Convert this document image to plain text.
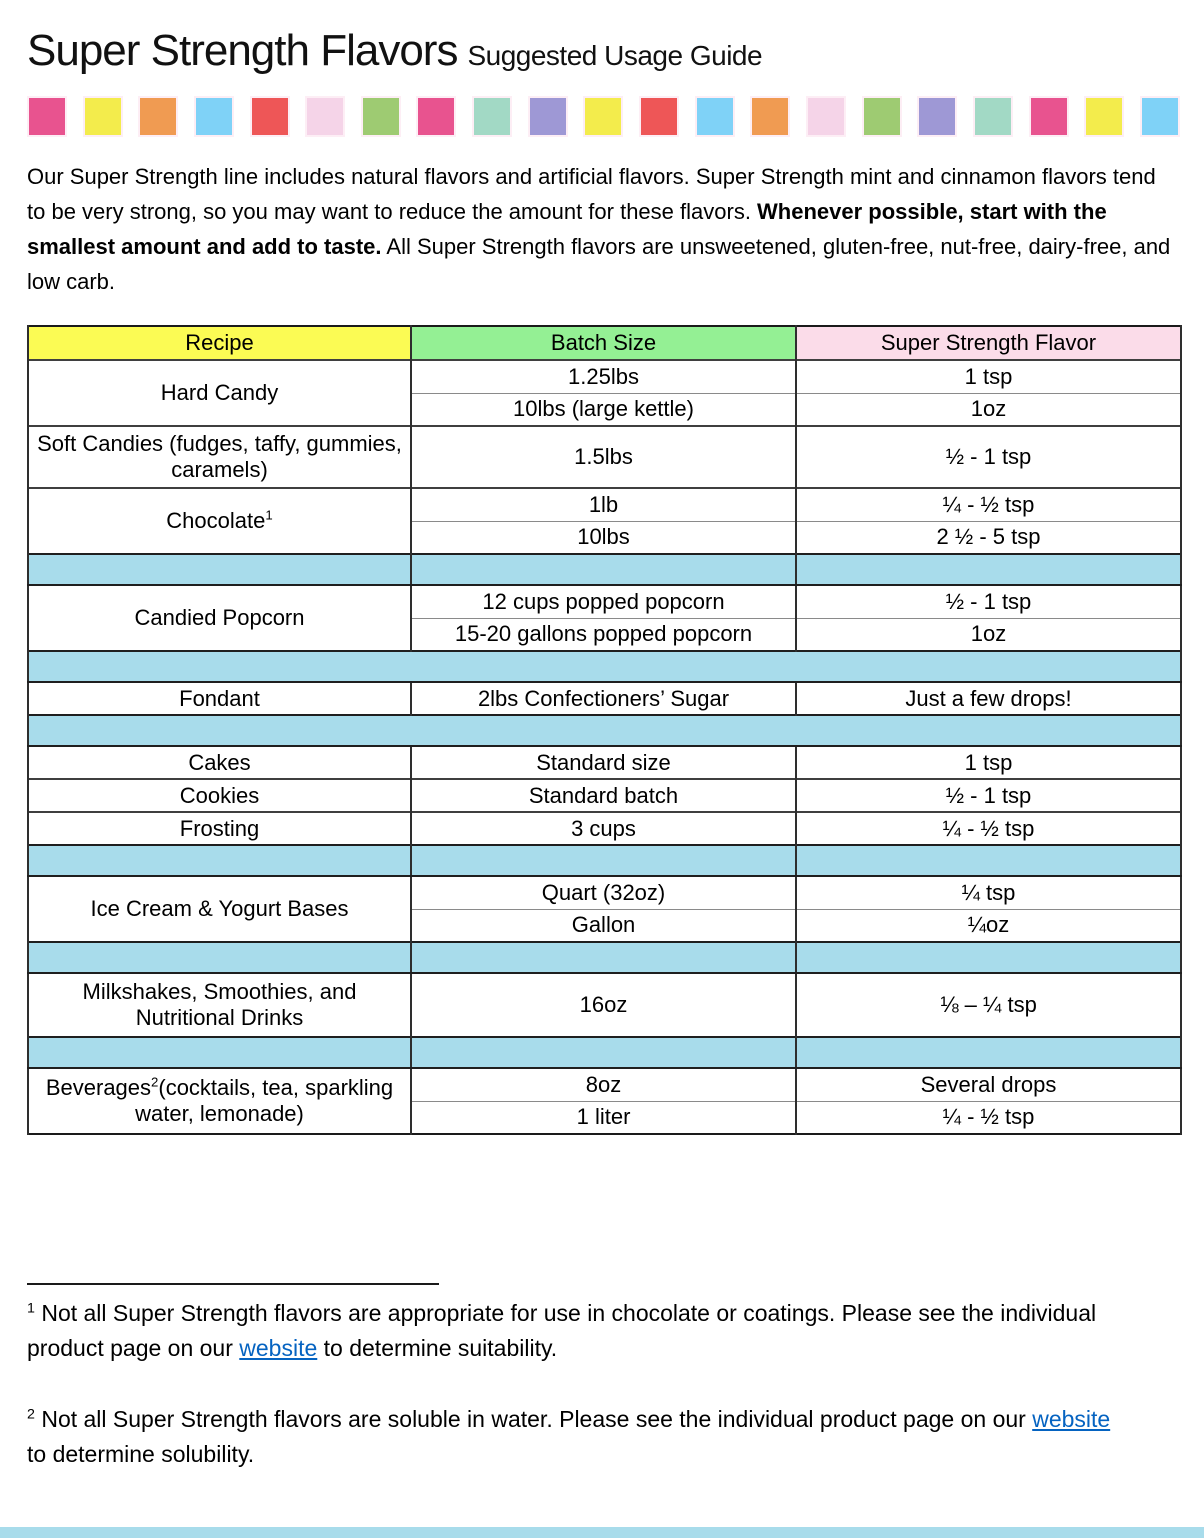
Super Strength Flavors Suggested Usage Guide

Our Super Strength line includes natural flavors and artificial flavors. Super Strength mint and cinnamon flavors tend to be very strong, so you may want to reduce the amount for these flavors. Whenever possible, start with the smallest amount and add to taste. All Super Strength flavors are unsweetened, gluten-free, nut-free, dairy-free, and low carb.

Recipe	Batch Size	Super Strength Flavor
Hard Candy	1.25lbs	1 tsp
	10lbs (large kettle)	1oz
Soft Candies (fudges, taffy, gummies, caramels)	1.5lbs	½ - 1 tsp
Chocolate$^1$	1lb	¼ - ½ tsp
	10lbs	2 ½ - 5 tsp

Candied Popcorn	12 cups popped popcorn	½ - 1 tsp
	15-20 gallons popped popcorn	1oz

Fondant	2lbs Confectioners’ Sugar	Just a few drops!

Cakes	Standard size	1 tsp
Cookies	Standard batch	½ - 1 tsp
Frosting	3 cups	¼ - ½ tsp

Ice Cream & Yogurt Bases	Quart (32oz)	¼ tsp
	Gallon	¼oz

Milkshakes, Smoothies, and Nutritional Drinks	16oz	⅛ – ¼ tsp

Beverages$^2$(cocktails, tea, sparkling water, lemonade)	8oz	Several drops
	1 liter	¼ - ½ tsp
$^1$ Not all Super Strength flavors are appropriate for use in chocolate or coatings. Please see the individual product page on our website to determine suitability.
$^2$ Not all Super Strength flavors are soluble in water. Please see the individual product page on our website to determine solubility.
